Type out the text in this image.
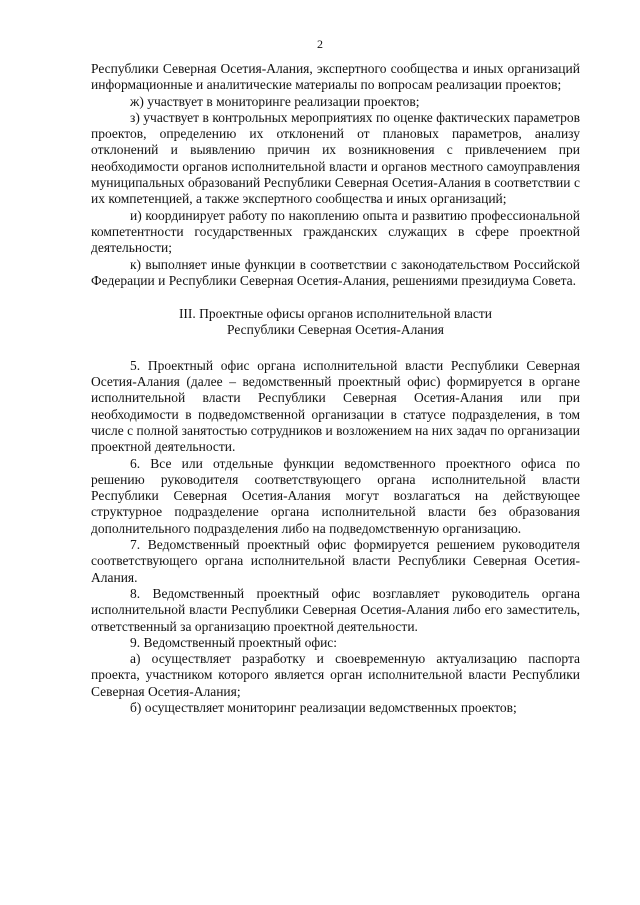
2

Республики Северная Осетия-Алания, экспертного сообщества и иных организаций информационные и аналитические материалы по вопросам реализации проектов;

ж) участвует в мониторинге реализации проектов;

з) участвует в контрольных мероприятиях по оценке фактических параметров проектов, определению их отклонений от плановых параметров, анализу отклонений и выявлению причин их возникновения с привлечением при необходимости органов исполнительной власти и органов местного самоуправления муниципальных образований Республики Северная Осетия-Алания в соответствии с их компетенцией, а также экспертного сообщества и иных организаций;

и) координирует работу по накоплению опыта и развитию профессиональной компетентности государственных гражданских служащих в сфере проектной деятельности;

к) выполняет иные функции в соответствии с законодательством Российской Федерации и Республики Северная Осетия-Алания, решениями президиума Совета.

III. Проектные офисы органов исполнительной власти
Республики Северная Осетия-Алания

5. Проектный офис органа исполнительной власти Республики Северная Осетия-Алания (далее – ведомственный проектный офис) формируется в органе исполнительной власти Республики Северная Осетия-Алания или при необходимости в подведомственной организации в статусе подразделения, в том числе с полной занятостью сотрудников и возложением на них задач по организации проектной деятельности.

6. Все или отдельные функции ведомственного проектного офиса по решению руководителя соответствующего органа исполнительной власти Республики Северная Осетия-Алания могут возлагаться на действующее структурное подразделение органа исполнительной власти без образования дополнительного подразделения либо на подведомственную организацию.

7. Ведомственный проектный офис формируется решением руководителя соответствующего органа исполнительной власти Республики Северная Осетия-Алания.

8. Ведомственный проектный офис возглавляет руководитель органа исполнительной власти Республики Северная Осетия-Алания либо его заместитель, ответственный за организацию проектной деятельности.

9. Ведомственный проектный офис:

а) осуществляет разработку и своевременную актуализацию паспорта проекта, участником которого является орган исполнительной власти Республики Северная Осетия-Алания;

б) осуществляет мониторинг реализации ведомственных проектов;
